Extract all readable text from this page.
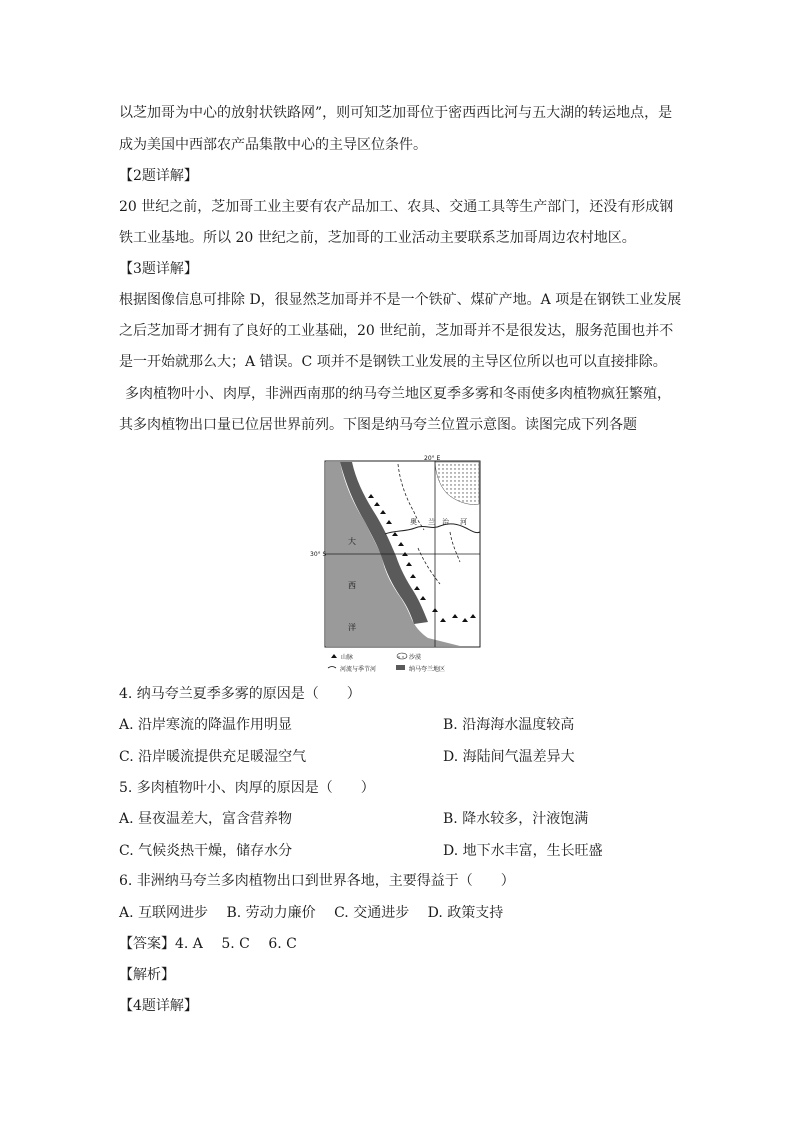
以芝加哥为中心的放射状铁路网”，则可知芝加哥位于密西西比河与五大湖的转运地点，是
成为美国中西部农产品集散中心的主导区位条件。
【2题详解】
20 世纪之前，芝加哥工业主要有农产品加工、农具、交通工具等生产部门，还没有形成钢
铁工业基地。所以 20 世纪之前，芝加哥的工业活动主要联系芝加哥周边农村地区。
【3题详解】
根据图像信息可排除 D，很显然芝加哥并不是一个铁矿、煤矿产地。A 项是在钢铁工业发展
之后芝加哥才拥有了良好的工业基础，20 世纪前，芝加哥并不是很发达，服务范围也并不
是一开始就那么大；A 错误。C 项并不是钢铁工业发展的主导区位所以也可以直接排除。
多肉植物叶小、肉厚，非洲西南那的纳马夸兰地区夏季多雾和冬雨使多肉植物疯狂繁殖，
其多肉植物出口量已位居世界前列。下图是纳马夸兰位置示意图。读图完成下列各题
20° E
30° S
大
西
洋
奥 兰 治 河
山脉	沙漠
河流与季节河	纳马夸兰地区
4. 纳马夸兰夏季多雾的原因是（　　）
A. 沿岸寒流的降温作用明显	B. 沿海海水温度较高
C. 沿岸暖流提供充足暖湿空气	D. 海陆间气温差异大
5. 多肉植物叶小、肉厚的原因是（　　）
A. 昼夜温差大，富含营养物	B. 降水较多，汁液饱满
C. 气候炎热干燥，储存水分	D. 地下水丰富，生长旺盛
6. 非洲纳马夸兰多肉植物出口到世界各地，主要得益于（　　）
A. 互联网进步　 B. 劳动力廉价　 C. 交通进步　 D. 政策支持
【答案】4. A　 5. C　 6. C
【解析】
【4题详解】
